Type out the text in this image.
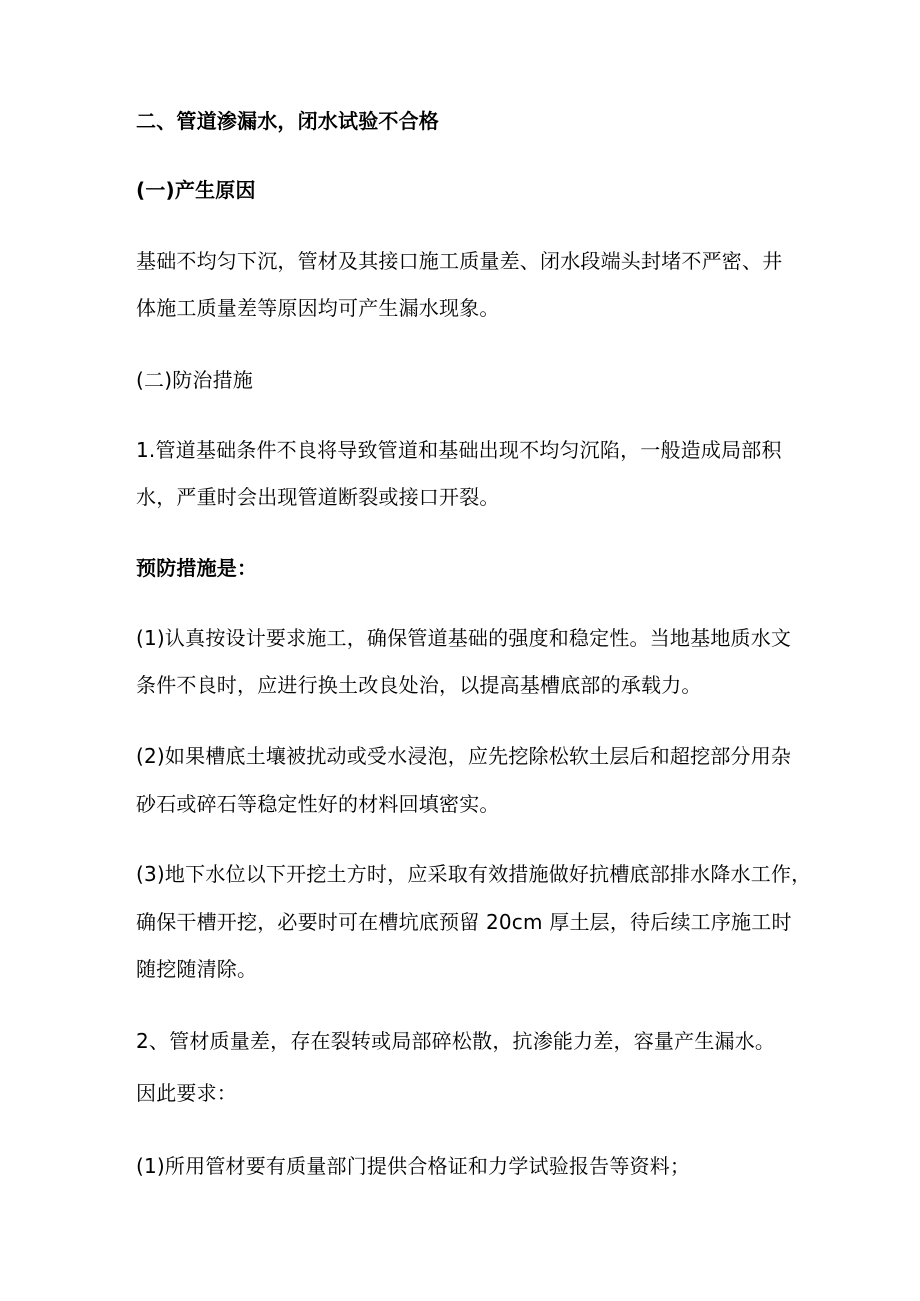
二、管道渗漏水，闭水试验不合格
(一)产生原因
基础不均匀下沉，管材及其接口施工质量差、闭水段端头封堵不严密、井
体施工质量差等原因均可产生漏水现象。
(二)防治措施
1.管道基础条件不良将导致管道和基础出现不均匀沉陷，一般造成局部积
水，严重时会出现管道断裂或接口开裂。
预防措施是：
(1)认真按设计要求施工，确保管道基础的强度和稳定性。当地基地质水文
条件不良时，应进行换土改良处治，以提高基槽底部的承载力。
(2)如果槽底土壤被扰动或受水浸泡，应先挖除松软土层后和超挖部分用杂
砂石或碎石等稳定性好的材料回填密实。
(3)地下水位以下开挖土方时，应采取有效措施做好抗槽底部排水降水工作，
确保干槽开挖，必要时可在槽坑底预留 20cm 厚土层，待后续工序施工时
随挖随清除。
2、管材质量差，存在裂转或局部碎松散，抗渗能力差，容量产生漏水。
因此要求：
(1)所用管材要有质量部门提供合格证和力学试验报告等资料；
